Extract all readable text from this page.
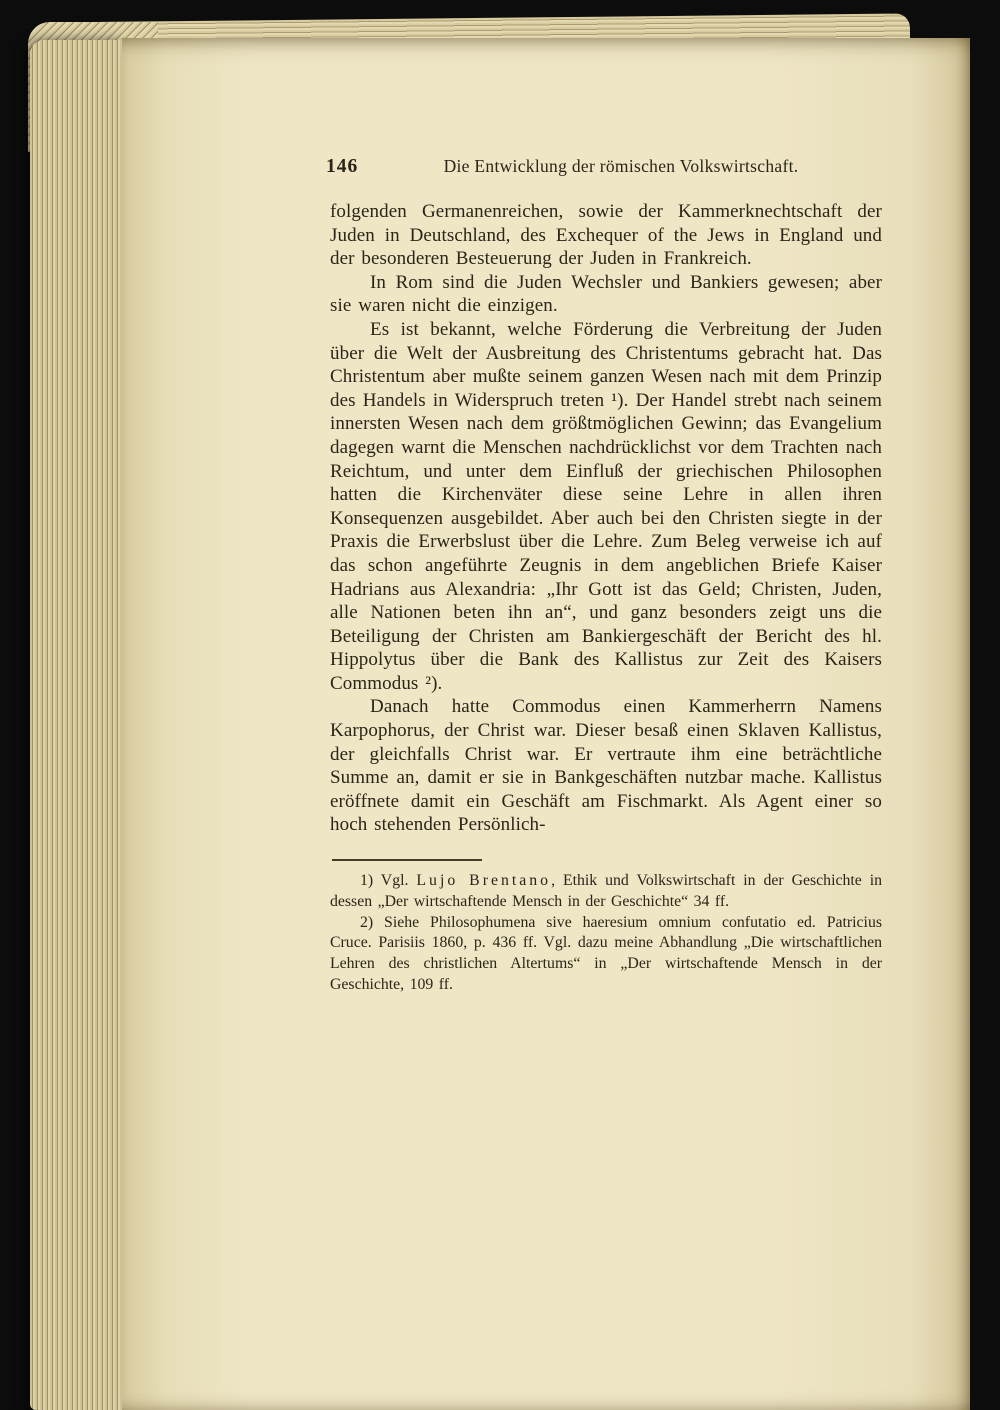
146	Die Entwicklung der römischen Volkswirtschaft.

folgenden Germanenreichen, sowie der Kammerknechtschaft der Juden in Deutschland, des Exchequer of the Jews in England und der besonderen Besteuerung der Juden in Frankreich.

In Rom sind die Juden Wechsler und Bankiers gewesen; aber sie waren nicht die einzigen.

Es ist bekannt, welche Förderung die Verbreitung der Juden über die Welt der Ausbreitung des Christentums gebracht hat. Das Christentum aber mußte seinem ganzen Wesen nach mit dem Prinzip des Handels in Widerspruch treten ¹). Der Handel strebt nach seinem innersten Wesen nach dem größtmöglichen Gewinn; das Evangelium dagegen warnt die Menschen nachdrücklichst vor dem Trachten nach Reichtum, und unter dem Einfluß der griechischen Philosophen hatten die Kirchenväter diese seine Lehre in allen ihren Konsequenzen ausgebildet. Aber auch bei den Christen siegte in der Praxis die Erwerbslust über die Lehre. Zum Beleg verweise ich auf das schon angeführte Zeugnis in dem angeblichen Briefe Kaiser Hadrians aus Alexandria: „Ihr Gott ist das Geld; Christen, Juden, alle Nationen beten ihn an“, und ganz besonders zeigt uns die Beteiligung der Christen am Bankiergeschäft der Bericht des hl. Hippolytus über die Bank des Kallistus zur Zeit des Kaisers Commodus ²).

Danach hatte Commodus einen Kammerherrn Namens Karpophorus, der Christ war. Dieser besaß einen Sklaven Kallistus, der gleichfalls Christ war. Er vertraute ihm eine beträchtliche Summe an, damit er sie in Bankgeschäften nutzbar mache. Kallistus eröffnete damit ein Geschäft am Fischmarkt. Als Agent einer so hoch stehenden Persönlich-

1) Vgl. Lujo Brentano, Ethik und Volkswirtschaft in der Geschichte in dessen „Der wirtschaftende Mensch in der Geschichte“ 34 ff.

2) Siehe Philosophumena sive haeresium omnium confutatio ed. Patricius Cruce. Parisiis 1860, p. 436 ff. Vgl. dazu meine Abhandlung „Die wirtschaftlichen Lehren des christlichen Altertums“ in „Der wirtschaftende Mensch in der Geschichte, 109 ff.
